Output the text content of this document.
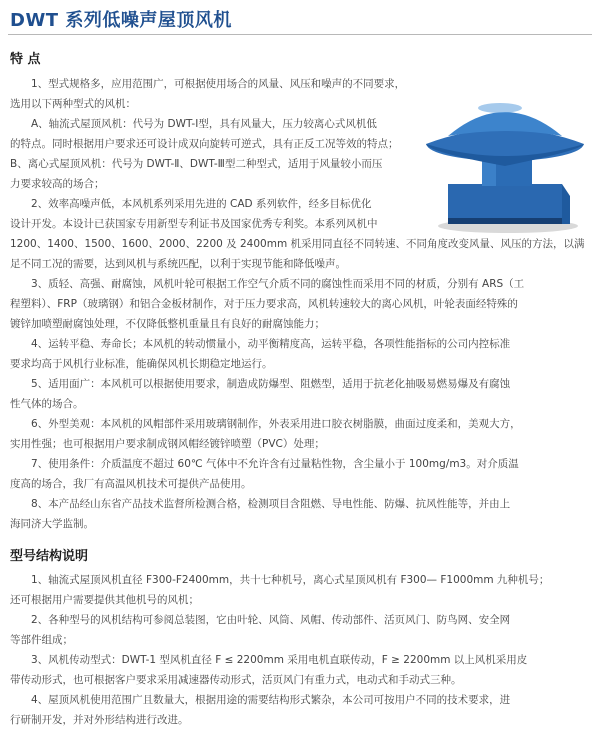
DWT 系列低噪声屋顶风机
特 点
　　1、型式规格多，应用范围广，可根据使用场合的风量、风压和噪声的不同要求，
选用以下两种型式的风机：
　　A、轴流式屋顶风机：代号为 DWT-Ⅰ型，具有风量大，压力较离心式风机低
的特点。同时根据用户要求还可设计成双向旋转可逆式，具有正反工况等效的特点；
B、离心式屋顶风机：代号为 DWT-Ⅱ、DWT-Ⅲ型二种型式，适用于风量较小而压
力要求较高的场合；
　　2、效率高噪声低，本风机系列采用先进的 CAD 系列软件，经多目标优化
设计开发。本设计已获国家专用新型专利证书及国家优秀专利奖。本系列风机中
1200、1400、1500、1600、2000、2200 及 2400mm 机采用同直径不同转速、不同角度改变风量、风压的方法，以满
足不同工况的需要，达到风机与系统匹配，以利于实现节能和降低噪声。
　　3、质轻、高强、耐腐蚀，风机叶轮可根据工作空气介质不同的腐蚀性而采用不同的材质，分别有 ARS（工
程塑料）、FRP（玻璃钢）和铝合金板材制作，对于压力要求高，风机转速较大的离心风机，叶轮表面经特殊的
镀锌加喷塑耐腐蚀处理，不仅降低整机重量且有良好的耐腐蚀能力；
　　4、运转平稳、寿命长；本风机的转动惯量小，动平衡精度高，运转平稳，各项性能指标的公司内控标准
要求均高于风机行业标准，能确保风机长期稳定地运行。
　　5、适用面广：本风机可以根据使用要求，制造成防爆型、阻燃型，适用于抗老化抽吸易燃易爆及有腐蚀
性气体的场合。
　　6、外型美观：本风机的风帽部件采用玻璃钢制作，外表采用进口胶衣树脂膜，曲面过度柔和，美观大方，
实用性强；也可根据用户要求制成钢风帽经镀锌喷塑（PVC）处理；
　　7、使用条件：介质温度不超过 60℃ 气体中不允许含有过量粘性物，含尘量小于 100mg/m3。对介质温
度高的场合，我厂有高温风机技术可提供产品使用。
　　8、本产品经山东省产品技术监督所检测合格，检测项目含阻燃、导电性能、防爆、抗风性能等，并由上
海同济大学监制。
型号结构说明
　　1、轴流式屋顶风机直径 F300-F2400mm，共十七种机号，离心式星顶风机有 F300— F1000mm 九种机号；
还可根据用户需要提供其他机号的风机；
　　2、各种型号的风机结构可参阅总装图，它由叶轮、风筒、风帽、传动部件、活页风门、防鸟网、安全网
等部件组成；
　　3、风机传动型式：DWT-1 型风机直径 F ≤ 2200mm 采用电机直联传动，F ≥ 2200mm 以上风机采用皮
带传动形式，也可根据客户要求采用减速器传动形式，活页风门有重力式，电动式和手动式三种。
　　4、屋顶风机使用范围广且数量大，根据用途的需要结构形式繁杂，本公司可按用户不同的技术要求，进
行研制开发，并对外形结构进行改进。
